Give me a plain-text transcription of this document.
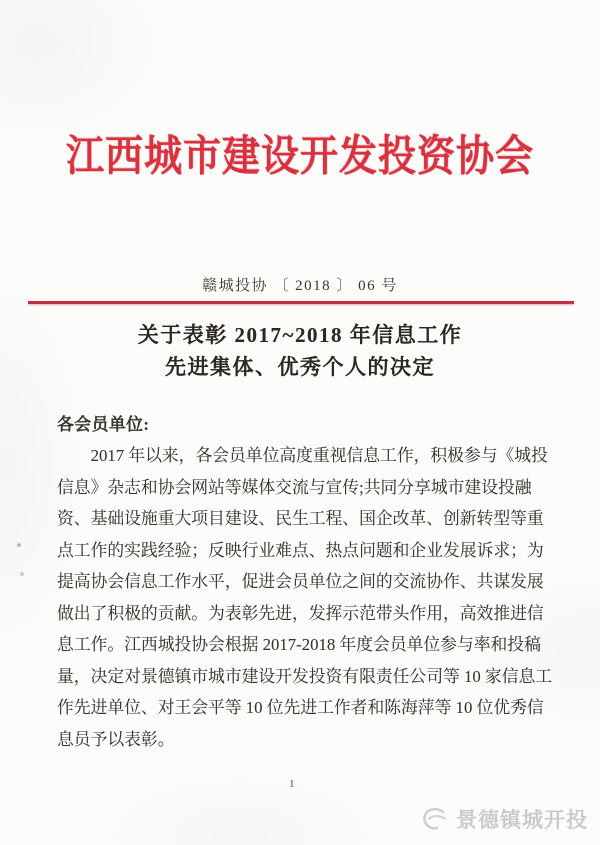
江西城市建设开发投资协会
赣城投协 〔 2018 〕 06 号
关于表彰 2017~2018 年信息工作
先进集体、优秀个人的决定
各会员单位:
　　2017 年以来，各会员单位高度重视信息工作，积极参与《城投
信息》杂志和协会网站等媒体交流与宣传;共同分享城市建设投融
资、基础设施重大项目建设、民生工程、国企改革、创新转型等重
点工作的实践经验；反映行业难点、热点问题和企业发展诉求；为
提高协会信息工作水平，促进会员单位之间的交流协作、共谋发展
做出了积极的贡献。为表彰先进，发挥示范带头作用，高效推进信
息工作。江西城投协会根据 2017-2018 年度会员单位参与率和投稿
量，决定对景德镇市城市建设开发投资有限责任公司等 10 家信息工
作先进单位、对王会平等 10 位先进工作者和陈海萍等 10 位优秀信
息员予以表彰。
1
景德镇城开投
